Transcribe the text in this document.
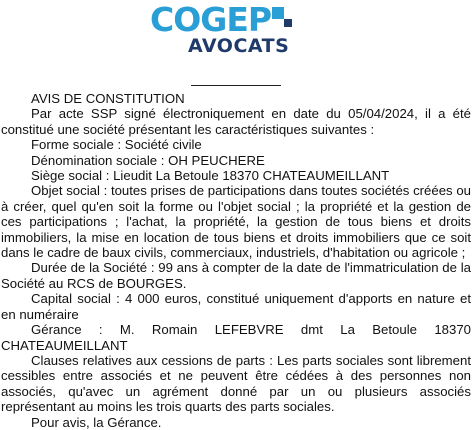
COGEP
AVOCATS

AVIS DE CONSTITUTION

Par acte SSP signé électroniquement en date du 05/04/2024, il a été constitué une société présentant les caractéristiques suivantes :

Forme sociale : Société civile

Dénomination sociale : OH PEUCHERE

Siège social : Lieudit La Betoule 18370 CHATEAUMEILLANT

Objet social : toutes prises de participations dans toutes sociétés créées ou à créer, quel qu'en soit la forme ou l'objet social ; la propriété et la gestion de ces participations ; l'achat, la propriété, la gestion de tous biens et droits immobiliers, la mise en location de tous biens et droits immobiliers que ce soit dans le cadre de baux civils, commerciaux, industriels, d'habitation ou agricole ;

Durée de la Société : 99 ans à compter de la date de l'immatriculation de la Société au RCS de BOURGES.

Capital social : 4 000 euros, constitué uniquement d'apports en nature et en numéraire

Gérance : M. Romain LEFEBVRE dmt La Betoule 18370 CHATEAUMEILLANT

Clauses relatives aux cessions de parts : Les parts sociales sont librement cessibles entre associés et ne peuvent être cédées à des personnes non associés, qu'avec un agrément donné par un ou plusieurs associés représentant au moins les trois quarts des parts sociales.

Pour avis, la Gérance.
